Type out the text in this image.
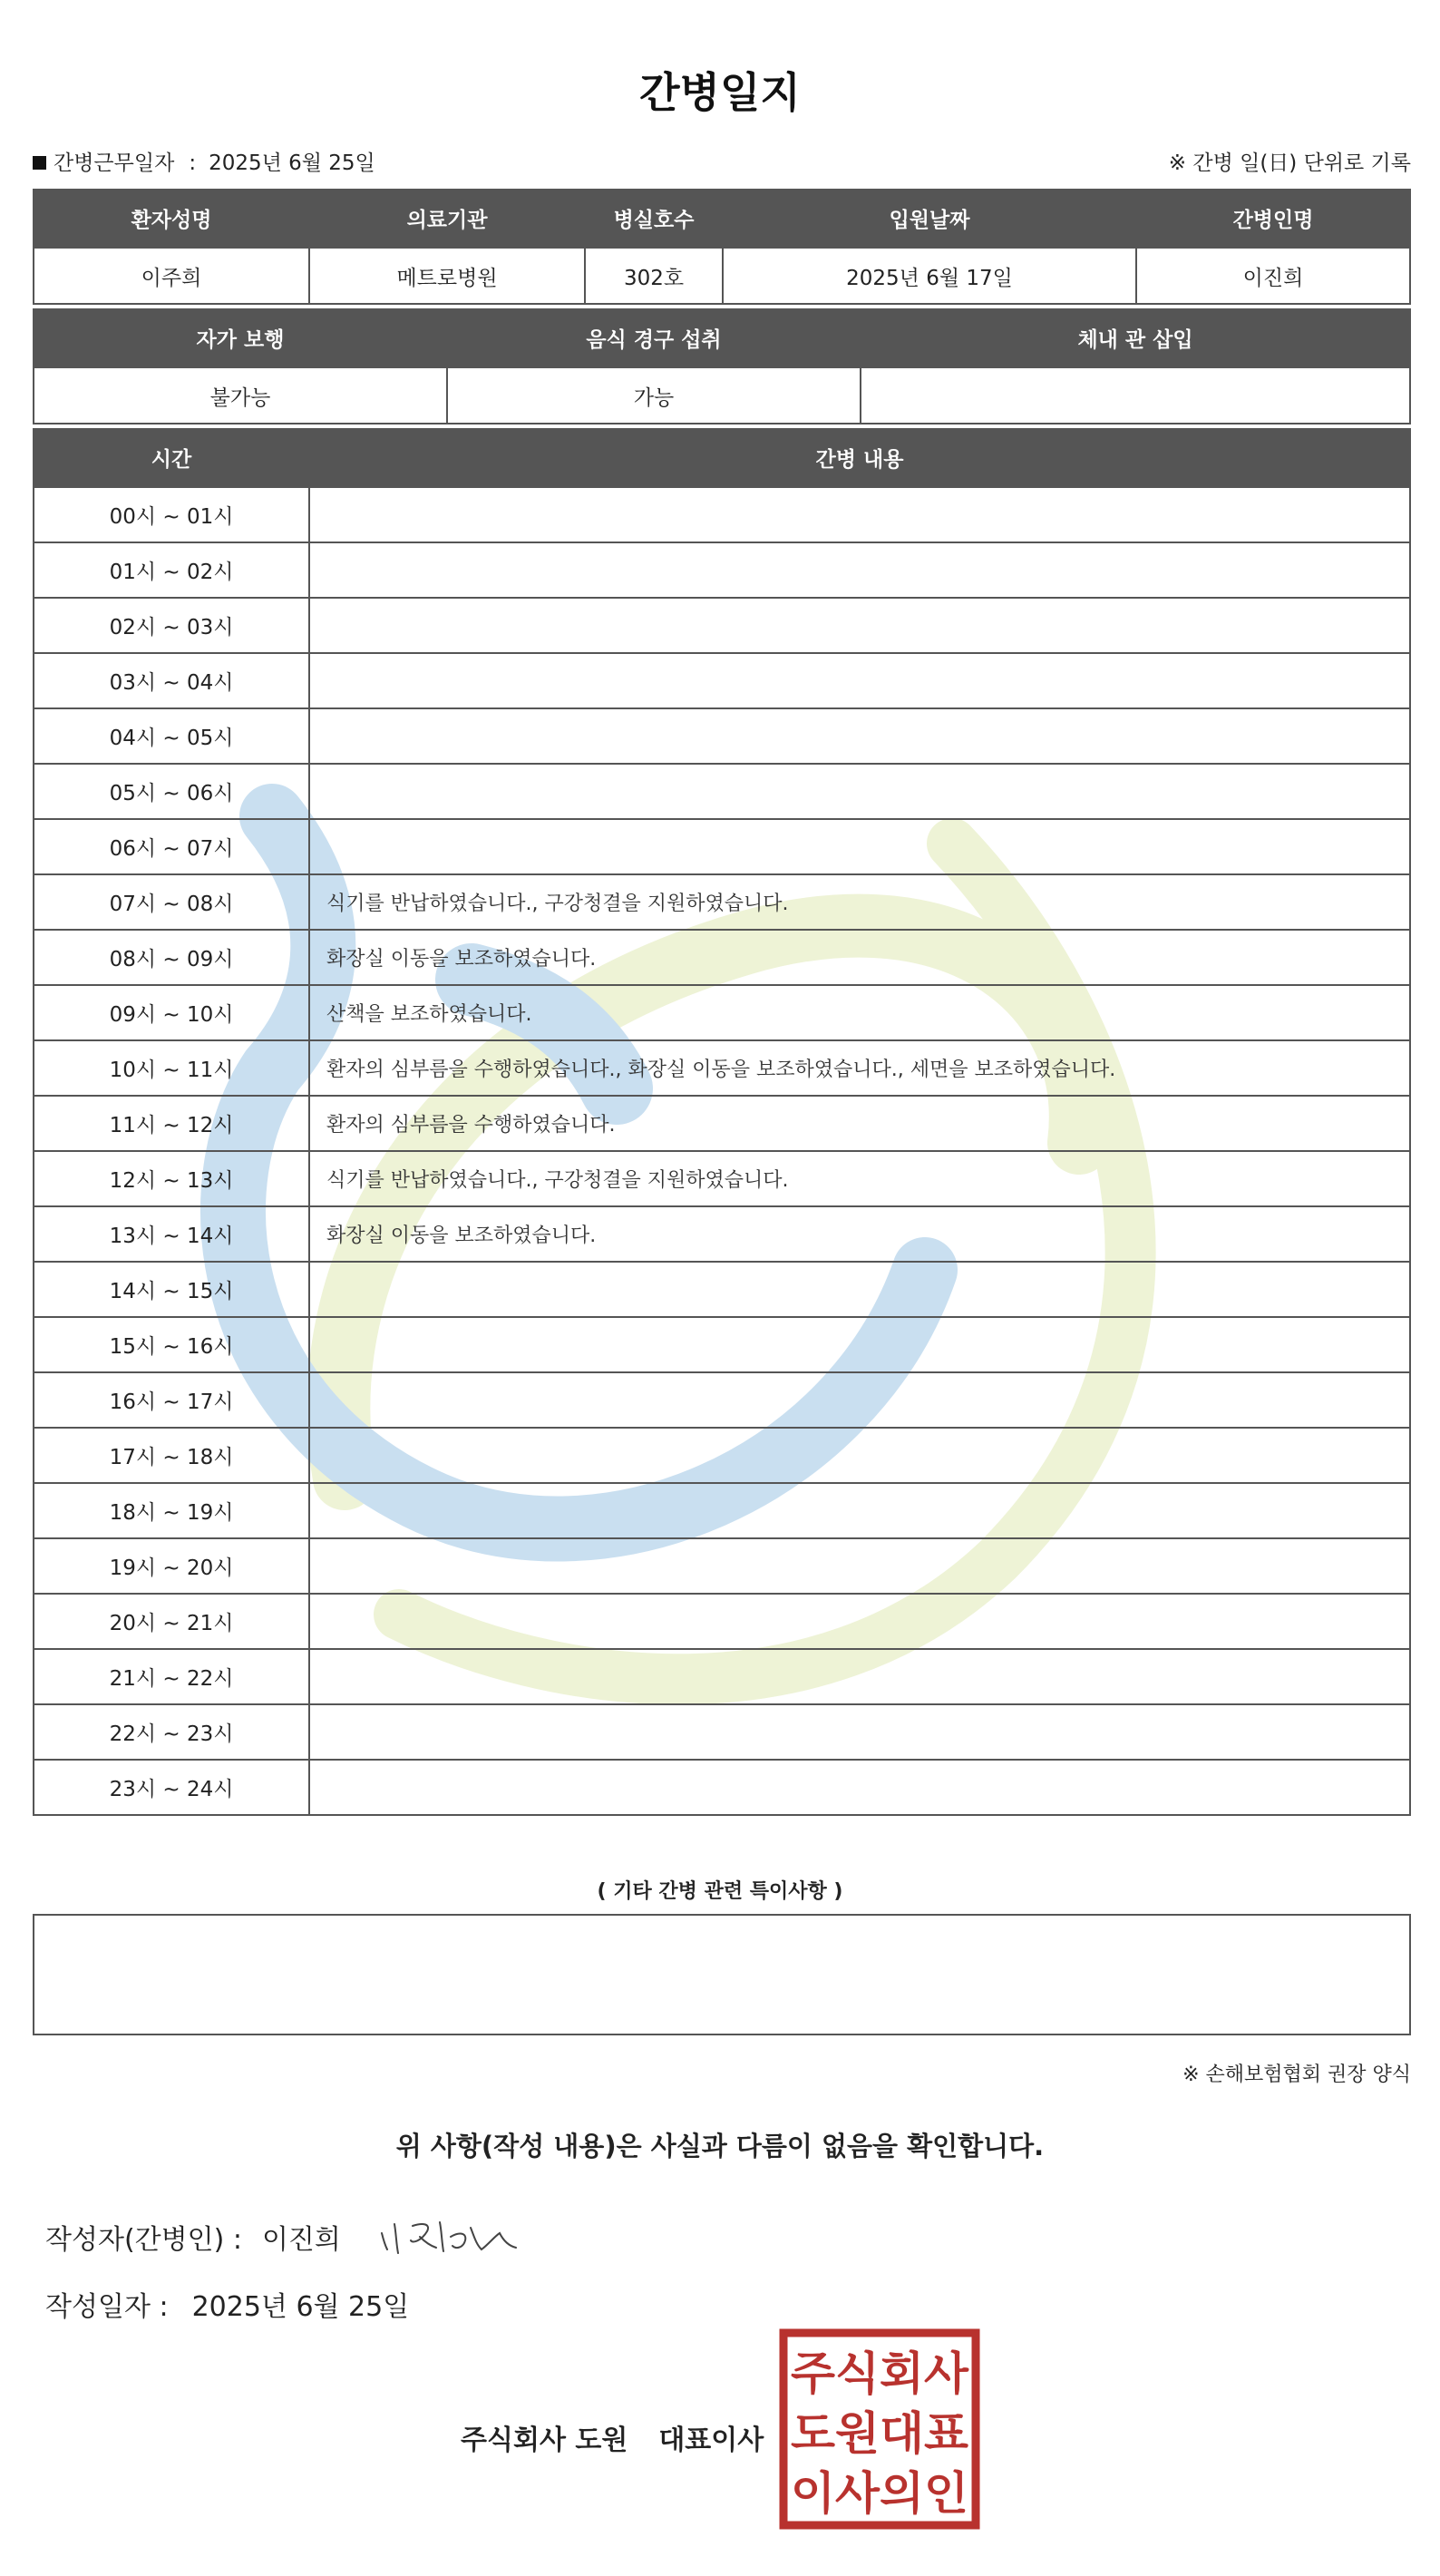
간병일지
간병근무일자 : 2025년 6월 25일	※ 간병 일(日) 단위로 기록
환자성명	의료기관	병실호수	입원날짜	간병인명
이주희	메트로병원	302호	2025년 6월 17일	이진희
자가 보행	음식 경구 섭취	체내 관 삽입
불가능	가능	
시간	간병 내용
00시 ~ 01시	
01시 ~ 02시	
02시 ~ 03시	
03시 ~ 04시	
04시 ~ 05시	
05시 ~ 06시	
06시 ~ 07시	
07시 ~ 08시	식기를 반납하였습니다., 구강청결을 지원하였습니다.
08시 ~ 09시	화장실 이동을 보조하였습니다.
09시 ~ 10시	산책을 보조하였습니다.
10시 ~ 11시	환자의 심부름을 수행하였습니다., 화장실 이동을 보조하였습니다., 세면을 보조하였습니다.
11시 ~ 12시	환자의 심부름을 수행하였습니다.
12시 ~ 13시	식기를 반납하였습니다., 구강청결을 지원하였습니다.
13시 ~ 14시	화장실 이동을 보조하였습니다.
14시 ~ 15시	
15시 ~ 16시	
16시 ~ 17시	
17시 ~ 18시	
18시 ~ 19시	
19시 ~ 20시	
20시 ~ 21시	
21시 ~ 22시	
22시 ~ 23시	
23시 ~ 24시	
( 기타 간병 관련 특이사항 )
※ 손해보험협회 권장 양식
위 사항(작성 내용)은 사실과 다름이 없음을 확인합니다.
작성자(간병인) : 이진희
작성일자 : 2025년 6월 25일
주식회사 도원 대표이사
주식회사
도원대표
이사의인
